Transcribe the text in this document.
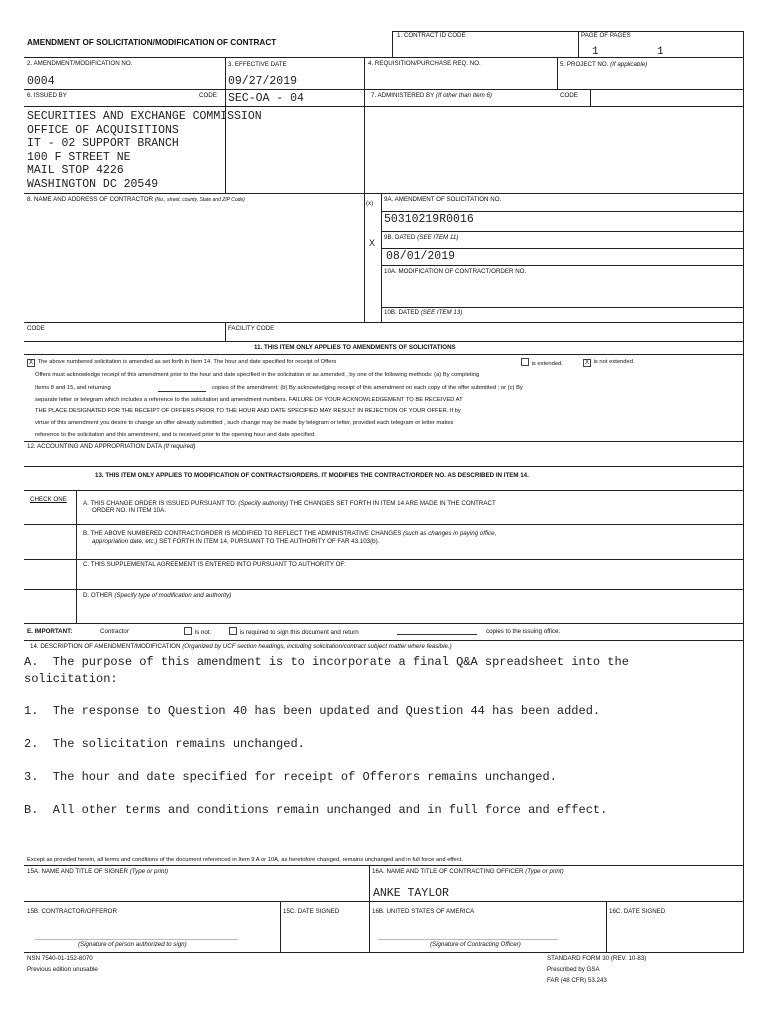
AMENDMENT OF SOLICITATION/MODIFICATION OF CONTRACT
1. CONTRACT ID CODE	PAGE OF PAGES
1	1
2. AMENDMENT/MODIFICATION NO.
0004
3. EFFECTIVE DATE
09/27/2019
4. REQUISITION/PURCHASE REQ. NO.	5. PROJECT NO. (If applicable)
6. ISSUED BY	CODE SEC-OA - 04	7. ADMINISTERED BY (If other than Item 6)	CODE
SECURITIES AND EXCHANGE COMMISSION
OFFICE OF ACQUISITIONS
IT - 02 SUPPORT BRANCH
100 F STREET NE
MAIL STOP 4226
WASHINGTON DC 20549
8. NAME AND ADDRESS OF CONTRACTOR (No., street, county, State and ZIP Code)	(x)
9A. AMENDMENT OF SOLICITATION NO.
50310219R0016
X
9B. DATED (SEE ITEM 11)
08/01/2019
10A. MODIFICATION OF CONTRACT/ORDER NO.
10B. DATED (SEE ITEM 13)
CODE	FACILITY CODE
11. THIS ITEM ONLY APPLIES TO AMENDMENTS OF SOLICITATIONS
X The above numbered solicitation is amended as set forth in Item 14. The hour and date specified for receipt of Offers	is extended.	X is not extended.
Offers must acknowledge receipt of this amendment prior to the hour and date specified in the solicitation or as amended , by one of the following methods: (a) By completing
Items 8 and 15, and returning	copies of the amendment; (b) By acknowledging receipt of this amendment on each copy of the offer submitted ; or (c) By
separate letter or telegram which includes a reference to the solicitation and amendment numbers. FAILURE OF YOUR ACKNOWLEDGEMENT TO BE RECEIVED AT
THE PLACE DESIGNATED FOR THE RECEIPT OF OFFERS PRIOR TO THE HOUR AND DATE SPECIFIED MAY RESULT IN REJECTION OF YOUR OFFER. If by
virtue of this amendment you desire to change an offer already submitted , such change may be made by telegram or letter, provided each telegram or letter makes
reference to the solicitation and this amendment, and is received prior to the opening hour and date specified.
12. ACCOUNTING AND APPROPRIATION DATA (If required)
13. THIS ITEM ONLY APPLIES TO MODIFICATION OF CONTRACTS/ORDERS. IT MODIFIES THE CONTRACT/ORDER NO. AS DESCRIBED IN ITEM 14.
CHECK ONE
A. THIS CHANGE ORDER IS ISSUED PURSUANT TO: (Specify authority) THE CHANGES SET FORTH IN ITEM 14 ARE MADE IN THE CONTRACT
ORDER NO. IN ITEM 10A.
B. THE ABOVE NUMBERED CONTRACT/ORDER IS MODIFIED TO REFLECT THE ADMINISTRATIVE CHANGES (such as changes in paying office,
appropriation date, etc.) SET FORTH IN ITEM 14, PURSUANT TO THE AUTHORITY OF FAR 43.103(b).
C. THIS SUPPLEMENTAL AGREEMENT IS ENTERED INTO PURSUANT TO AUTHORITY OF:
D. OTHER (Specify type of modification and authority)
E. IMPORTANT:	Contractor	is not.	is required to sign this document and return	copies to the issuing office.
14. DESCRIPTION OF AMENDMENT/MODIFICATION (Organized by UCF section headings, including solicitation/contract subject matter where feasible.)
A.  The purpose of this amendment is to incorporate a final Q&A spreadsheet into the
solicitation:
1.  The response to Question 40 has been updated and Question 44 has been added.
2.  The solicitation remains unchanged.
3.  The hour and date specified for receipt of Offerors remains unchanged.
B.  All other terms and conditions remain unchanged and in full force and effect.
Except as provided herein, all terms and conditions of the document referenced in Item 9 A or 10A, as heretofore changed, remains unchanged and in full force and effect.
15A. NAME AND TITLE OF SIGNER (Type or print)	16A. NAME AND TITLE OF CONTRACTING OFFICER (Type or print)
ANKE TAYLOR
15B. CONTRACTOR/OFFEROR	15C. DATE SIGNED	16B. UNITED STATES OF AMERICA	16C. DATE SIGNED
(Signature of person authorized to sign)	(Signature of Contracting Officer)
NSN 7540-01-152-8070
Previous edition unusable
STANDARD FORM 30 (REV. 10-83)
Prescribed by GSA
FAR (48 CFR) 53.243
